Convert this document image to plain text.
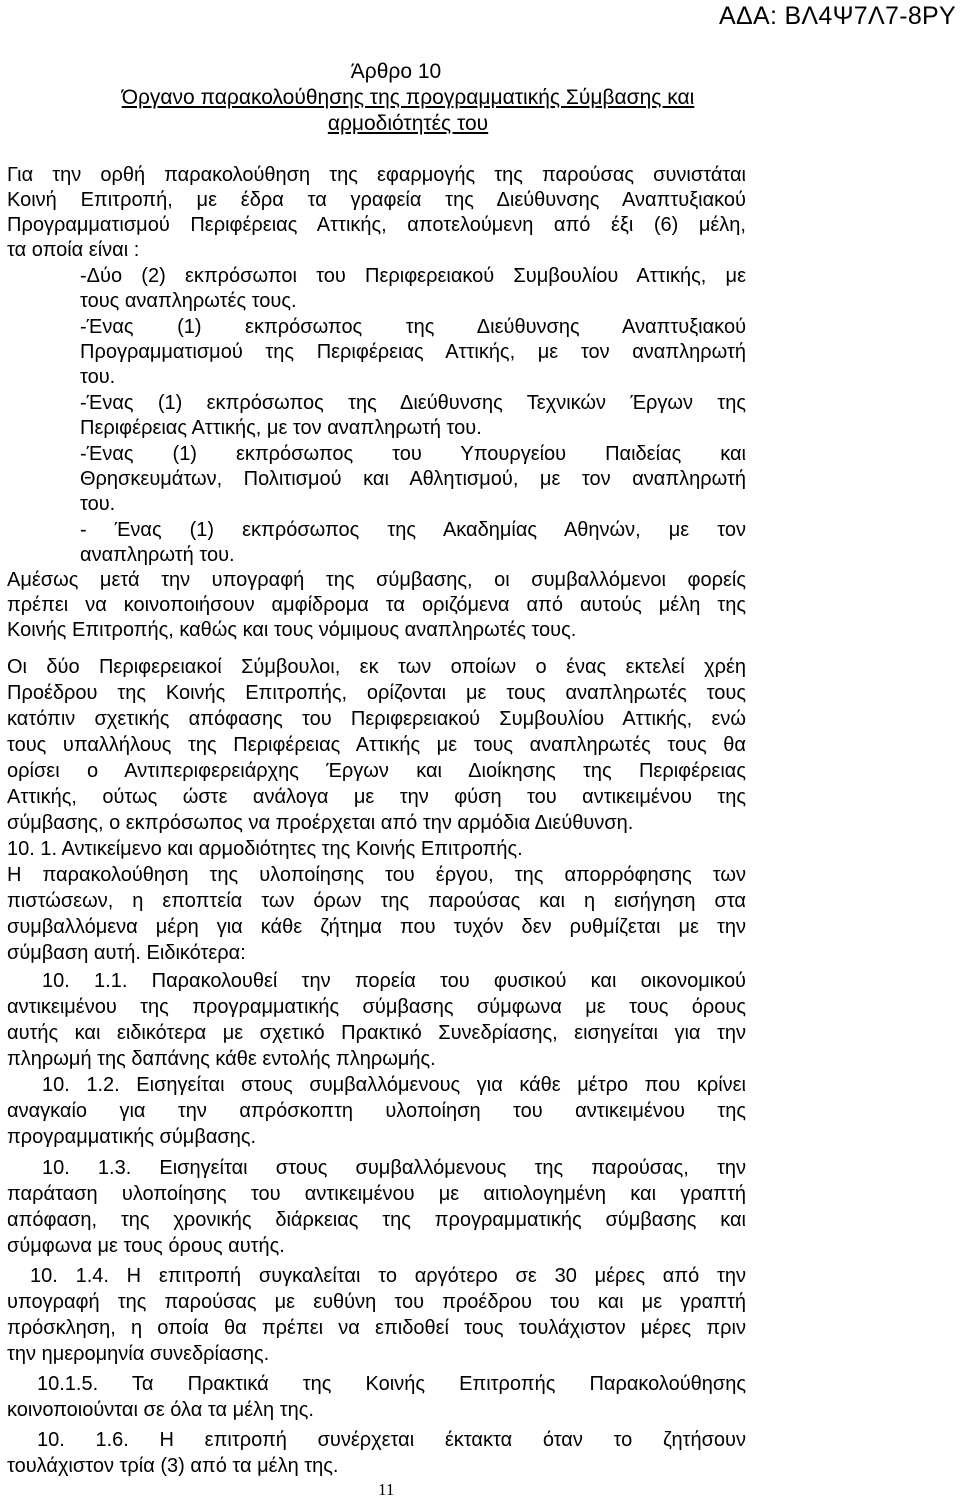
ΑΔΑ: ΒΛ4Ψ7Λ7-8ΡΥ
Άρθρο 10
Όργανο παρακολούθησης της προγραμματικής Σύμβασης και
αρμοδιότητές του
Για την ορθή παρακολούθηση της εφαρμογής της παρούσας συνιστάται
Κοινή Επιτροπή, με έδρα τα γραφεία της Διεύθυνσης Αναπτυξιακού
Προγραμματισμού Περιφέρειας Αττικής, αποτελούμενη από έξι (6) μέλη,
τα οποία είναι :
-Δύο (2) εκπρόσωποι του Περιφερειακού Συμβουλίου Αττικής, με
τους αναπληρωτές τους.
-Ένας (1) εκπρόσωπος της Διεύθυνσης Αναπτυξιακού
Προγραμματισμού της Περιφέρειας Αττικής, με τον αναπληρωτή
του.
-Ένας (1) εκπρόσωπος της Διεύθυνσης Τεχνικών Έργων της
Περιφέρειας Αττικής, με τον αναπληρωτή του.
-Ένας (1) εκπρόσωπος του Υπουργείου Παιδείας και
Θρησκευμάτων, Πολιτισμού και Αθλητισμού, με τον αναπληρωτή
του.
- Ένας (1) εκπρόσωπος της Ακαδημίας Αθηνών, με τον
αναπληρωτή του.
Αμέσως μετά την υπογραφή της σύμβασης, οι συμβαλλόμενοι φορείς
πρέπει να κοινοποιήσουν αμφίδρομα τα οριζόμενα από αυτούς μέλη της
Κοινής Επιτροπής, καθώς και τους νόμιμους αναπληρωτές τους.
Οι δύο Περιφερειακοί Σύμβουλοι, εκ των οποίων ο ένας εκτελεί χρέη
Προέδρου της Κοινής Επιτροπής, ορίζονται με τους αναπληρωτές τους
κατόπιν σχετικής απόφασης του Περιφερειακού Συμβουλίου Αττικής, ενώ
τους υπαλλήλους της Περιφέρειας Αττικής με τους αναπληρωτές τους θα
ορίσει ο Αντιπεριφερειάρχης Έργων και Διοίκησης της Περιφέρειας
Αττικής, ούτως ώστε ανάλογα με την φύση του αντικειμένου της
σύμβασης, ο εκπρόσωπος να προέρχεται από την αρμόδια Διεύθυνση.
10. 1. Αντικείμενο και αρμοδιότητες της Κοινής Επιτροπής.
Η παρακολούθηση της υλοποίησης του έργου, της απορρόφησης των
πιστώσεων, η εποπτεία των όρων της παρούσας και η εισήγηση στα
συμβαλλόμενα μέρη για κάθε ζήτημα που τυχόν δεν ρυθμίζεται με την
σύμβαση αυτή. Ειδικότερα:
10. 1.1. Παρακολουθεί την πορεία του φυσικού και οικονομικού
αντικειμένου της προγραμματικής σύμβασης σύμφωνα με τους όρους
αυτής και ειδικότερα με σχετικό Πρακτικό Συνεδρίασης, εισηγείται για την
πληρωμή της δαπάνης κάθε εντολής πληρωμής.
10. 1.2. Εισηγείται στους συμβαλλόμενους για κάθε μέτρο που κρίνει
αναγκαίο για την απρόσκοπτη υλοποίηση του αντικειμένου της
προγραμματικής σύμβασης.
10. 1.3. Εισηγείται στους συμβαλλόμενους της παρούσας, την
παράταση υλοποίησης του αντικειμένου με αιτιολογημένη και γραπτή
απόφαση, της χρονικής διάρκειας της προγραμματικής σύμβασης και
σύμφωνα με τους όρους αυτής.
10. 1.4. Η επιτροπή συγκαλείται το αργότερο σε 30 μέρες από την
υπογραφή της παρούσας με ευθύνη του προέδρου του και με γραπτή
πρόσκληση, η οποία θα πρέπει να επιδοθεί τους τουλάχιστον μέρες πριν
την ημερομηνία συνεδρίασης.
10.1.5. Τα Πρακτικά της Κοινής Επιτροπής Παρακολούθησης
κοινοποιούνται σε όλα τα μέλη της.
10. 1.6. Η επιτροπή συνέρχεται έκτακτα όταν το ζητήσουν
τουλάχιστον τρία (3) από τα μέλη της.
11
